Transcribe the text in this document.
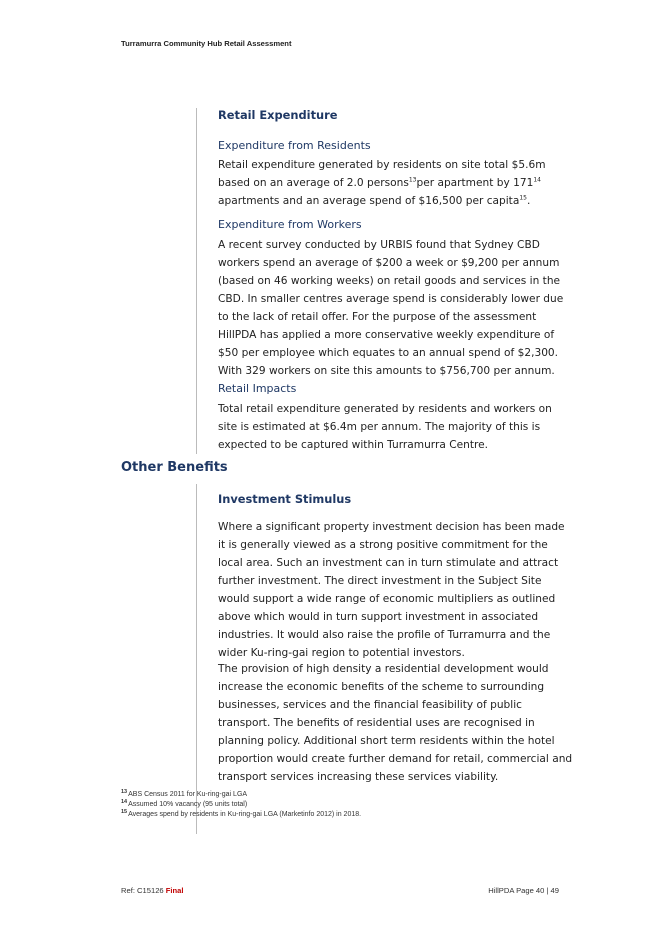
Turramurra Community Hub Retail Assessment
Retail Expenditure
Expenditure from Residents

Retail expenditure generated by residents on site total $5.6m based on an average of 2.0 persons$^{13}$per apartment by $171^{14}$ apartments and an average spend of $16,500 per capita$^{15}$.

Expenditure from Workers

A recent survey conducted by URBIS found that Sydney CBD workers spend an average of $200 a week or $9,200 per annum (based on 46 working weeks) on retail goods and services in the CBD. In smaller centres average spend is considerably lower due to the lack of retail offer. For the purpose of the assessment HillPDA has applied a more conservative weekly expenditure of $50 per employee which equates to an annual spend of $2,300. With 329 workers on site this amounts to $756,700 per annum.

Retail Impacts

Total retail expenditure generated by residents and workers on site is estimated at $6.4m per annum. The majority of this is expected to be captured within Turramurra Centre.

Other Benefits
Investment Stimulus

Where a significant property investment decision has been made it is generally viewed as a strong positive commitment for the local area. Such an investment can in turn stimulate and attract further investment. The direct investment in the Subject Site would support a wide range of economic multipliers as outlined above which would in turn support investment in associated industries. It would also raise the profile of Turramurra and the wider Ku-ring-gai region to potential investors.

The provision of high density a residential development would increase the economic benefits of the scheme to surrounding businesses, services and the financial feasibility of public transport. The benefits of residential uses are recognised in planning policy. Additional short term residents within the hotel proportion would create further demand for retail, commercial and transport services increasing these services viability.

$^{13}$ABS Census 2011 for Ku-ring-gai LGA
$^{14}$Assumed 10% vacancy (95 units total)
$^{15}$Averages spend by residents in Ku-ring-gai LGA (Marketinfo 2012) in 2018.
Ref: C15126 Final	HillPDA Page 40 | 49
